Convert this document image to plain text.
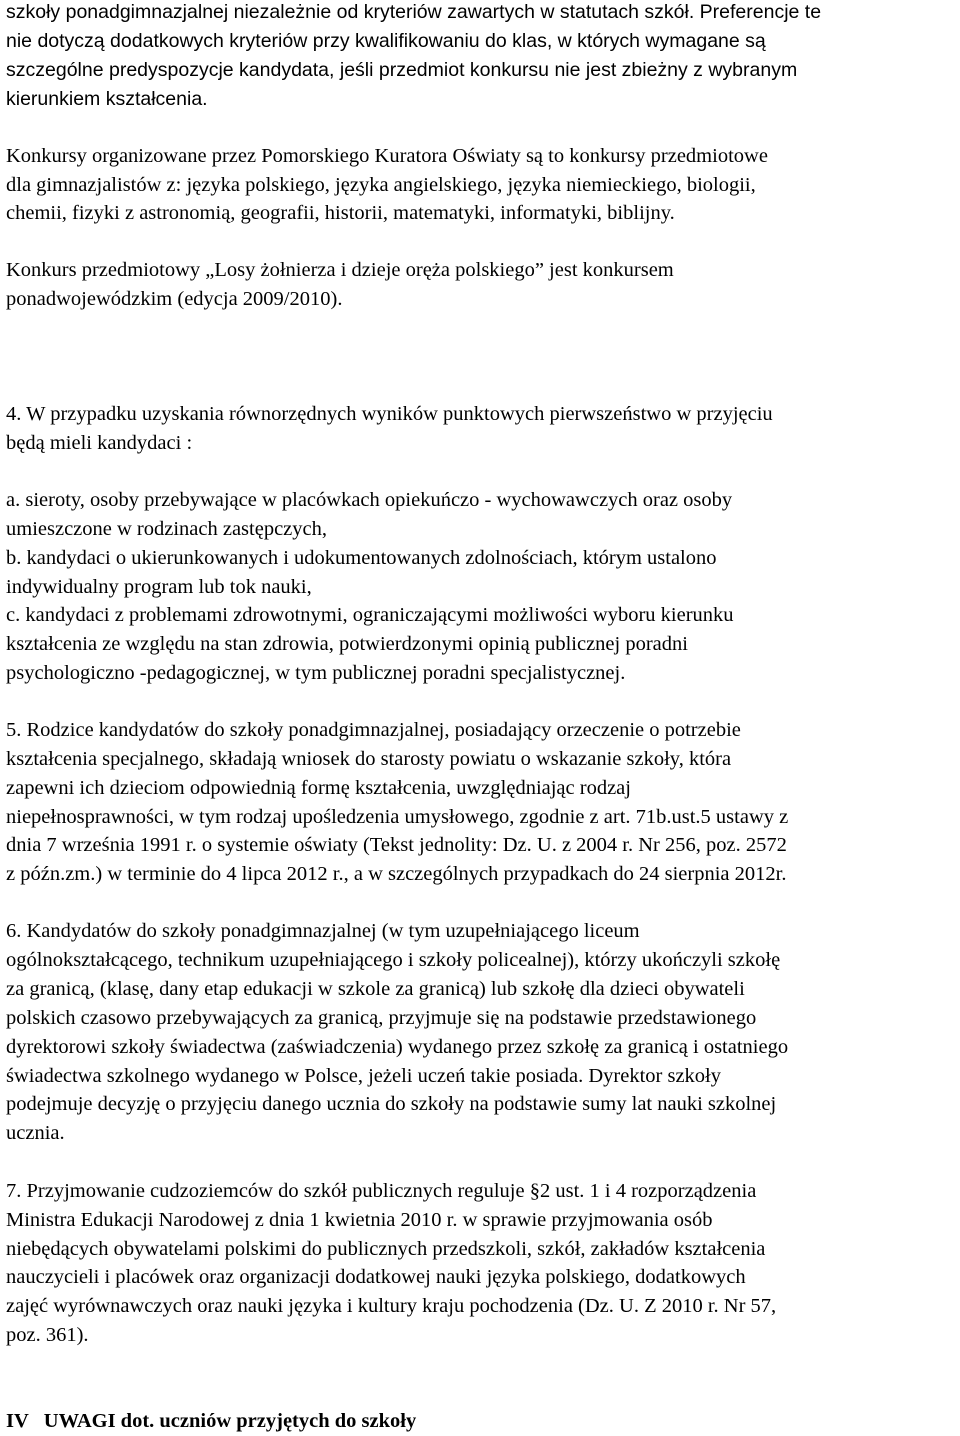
szkoły ponadgimnazjalnej niezależnie od kryteriów zawartych w statutach szkół. Preferencje te

nie dotyczą dodatkowych kryteriów przy kwalifikowaniu do klas, w których wymagane są

szczególne predyspozycje kandydata, jeśli przedmiot konkursu nie jest zbieżny z wybranym

kierunkiem kształcenia.

Konkursy organizowane przez Pomorskiego Kuratora Oświaty są to konkursy przedmiotowe

dla gimnazjalistów z: języka polskiego, języka angielskiego, języka niemieckiego, biologii,

chemii, fizyki z astronomią, geografii, historii, matematyki, informatyki, biblijny.

Konkurs przedmiotowy „Losy żołnierza i dzieje oręża polskiego” jest konkursem

ponadwojewódzkim (edycja 2009/2010).

4. W przypadku uzyskania równorzędnych wyników punktowych pierwszeństwo w przyjęciu

będą mieli kandydaci :

a. sieroty, osoby przebywające w placówkach opiekuńczo - wychowawczych oraz osoby

umieszczone w rodzinach zastępczych,

b. kandydaci o ukierunkowanych i udokumentowanych zdolnościach, którym ustalono

indywidualny program lub tok nauki,

c. kandydaci z problemami zdrowotnymi, ograniczającymi możliwości wyboru kierunku

kształcenia ze względu na stan zdrowia, potwierdzonymi opinią publicznej poradni

psychologiczno -pedagogicznej, w tym publicznej poradni specjalistycznej.

5. Rodzice kandydatów do szkoły ponadgimnazjalnej, posiadający orzeczenie o potrzebie

kształcenia specjalnego, składają wniosek do starosty powiatu o wskazanie szkoły, która

zapewni ich dzieciom odpowiednią formę kształcenia, uwzględniając rodzaj

niepełnosprawności, w tym rodzaj upośledzenia umysłowego, zgodnie z art. 71b.ust.5 ustawy z

dnia 7 września 1991 r. o systemie oświaty (Tekst jednolity: Dz. U. z 2004 r. Nr 256, poz. 2572

z późn.zm.) w terminie do 4 lipca 2012 r., a w szczególnych przypadkach do 24 sierpnia 2012r.

6. Kandydatów do szkoły ponadgimnazjalnej (w tym uzupełniającego liceum

ogólnokształcącego, technikum uzupełniającego i szkoły policealnej), którzy ukończyli szkołę

za granicą, (klasę, dany etap edukacji w szkole za granicą) lub szkołę dla dzieci obywateli

polskich czasowo przebywających za granicą, przyjmuje się na podstawie przedstawionego

dyrektorowi szkoły świadectwa (zaświadczenia) wydanego przez szkołę za granicą i ostatniego

świadectwa szkolnego wydanego w Polsce, jeżeli uczeń takie posiada. Dyrektor szkoły

podejmuje decyzję o przyjęciu danego ucznia do szkoły na podstawie sumy lat nauki szkolnej

ucznia.

7. Przyjmowanie cudzoziemców do szkół publicznych reguluje §2 ust. 1 i 4 rozporządzenia

Ministra Edukacji Narodowej z dnia 1 kwietnia 2010 r. w sprawie przyjmowania osób

niebędących obywatelami polskimi do publicznych przedszkoli, szkół, zakładów kształcenia

nauczycieli i placówek oraz organizacji dodatkowej nauki języka polskiego, dodatkowych

zajęć wyrównawczych oraz nauki języka i kultury kraju pochodzenia (Dz. U. Z 2010 r. Nr 57,

poz. 361).

IV   UWAGI dot. uczniów przyjętych do szkoły
